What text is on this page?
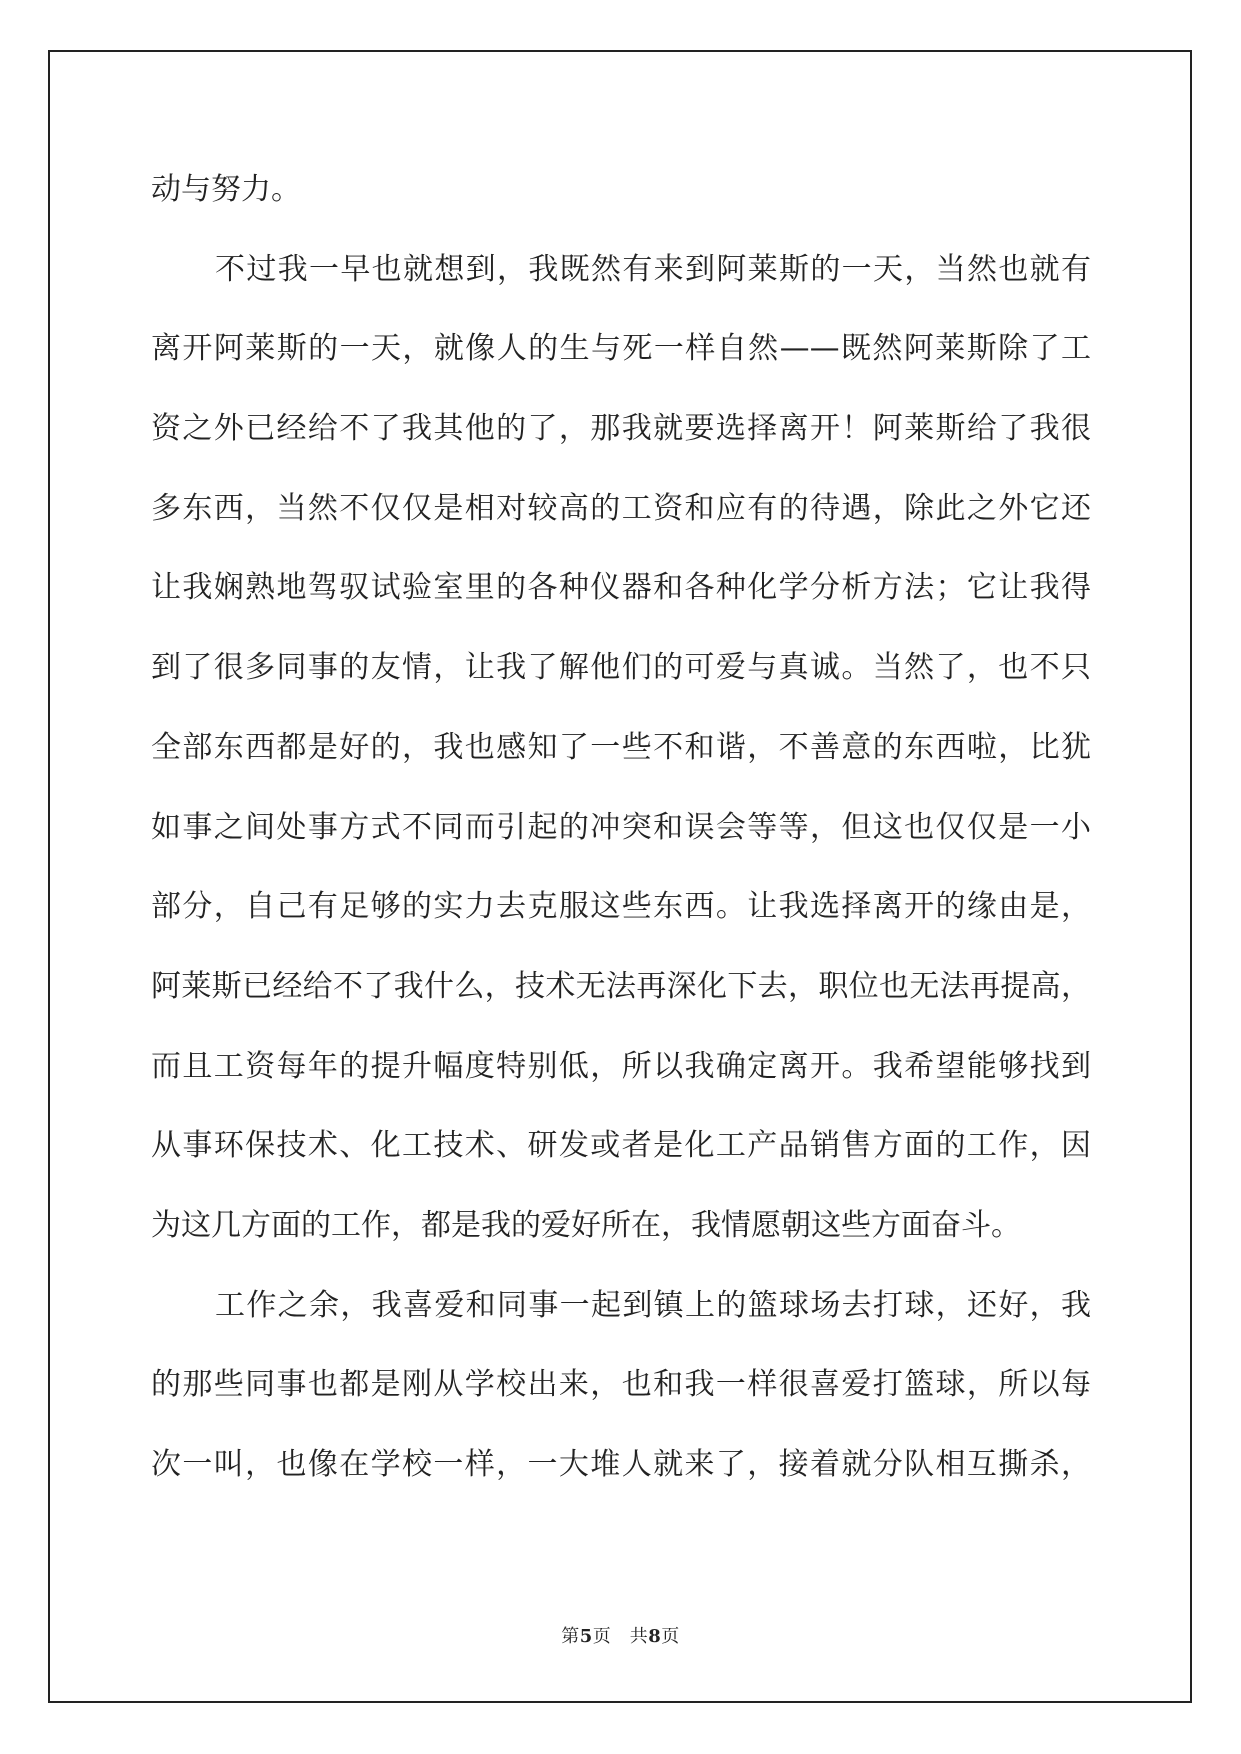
动与努力。
不过我一早也就想到，我既然有来到阿莱斯的一天，当然也就有
离开阿莱斯的一天，就像人的生与死一样自然——既然阿莱斯除了工
资之外已经给不了我其他的了，那我就要选择离开！阿莱斯给了我很
多东西，当然不仅仅是相对较高的工资和应有的待遇，除此之外它还
让我娴熟地驾驭试验室里的各种仪器和各种化学分析方法；它让我得
到了很多同事的友情，让我了解他们的可爱与真诚。当然了，也不只
全部东西都是好的，我也感知了一些不和谐，不善意的东西啦，比犹
如事之间处事方式不同而引起的冲突和误会等等，但这也仅仅是一小
部分，自己有足够的实力去克服这些东西。让我选择离开的缘由是，
阿莱斯已经给不了我什么，技术无法再深化下去，职位也无法再提高，
而且工资每年的提升幅度特别低，所以我确定离开。我希望能够找到
从事环保技术、化工技术、研发或者是化工产品销售方面的工作，因
为这几方面的工作，都是我的爱好所在，我情愿朝这些方面奋斗。
工作之余，我喜爱和同事一起到镇上的篮球场去打球，还好，我
的那些同事也都是刚从学校出来，也和我一样很喜爱打篮球，所以每
次一叫，也像在学校一样，一大堆人就来了，接着就分队相互撕杀，
第5页　共8页
